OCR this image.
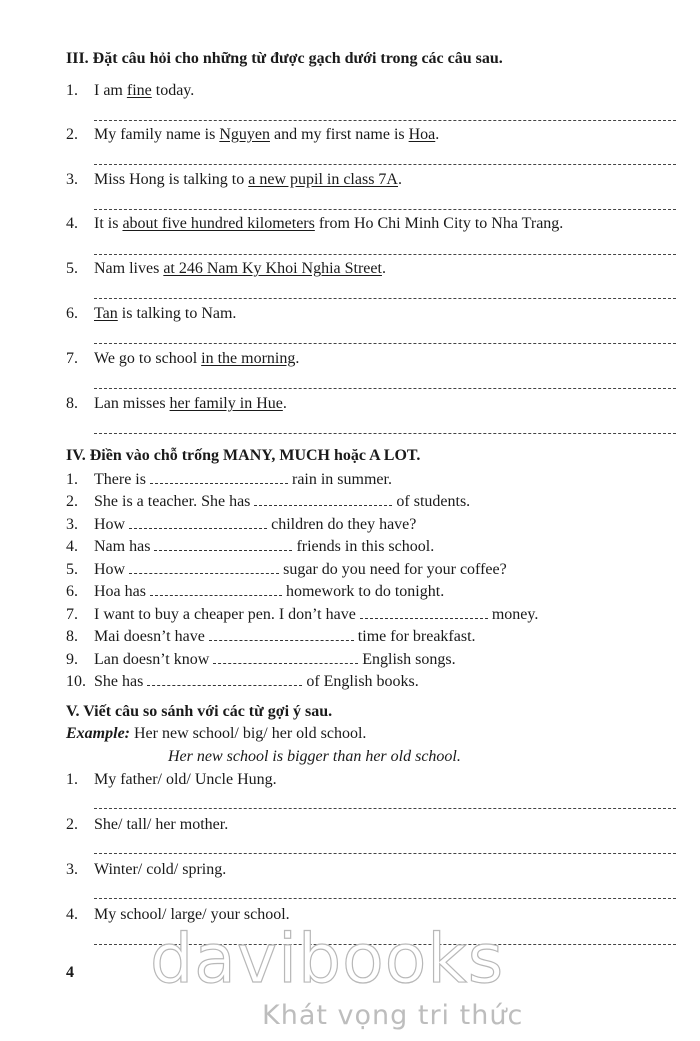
III. Đặt câu hỏi cho những từ được gạch dưới trong các câu sau.
1. I am fine today.
2. My family name is Nguyen and my first name is Hoa.
3. Miss Hong is talking to a new pupil in class 7A.
4. It is about five hundred kilometers from Ho Chi Minh City to Nha Trang.
5. Nam lives at 246 Nam Ky Khoi Nghia Street.
6. Tan is talking to Nam.
7. We go to school in the morning.
8. Lan misses her family in Hue.
IV. Điền vào chỗ trống MANY, MUCH hoặc A LOT.
1. There is	rain in summer.
2. She is a teacher. She has	of students.
3. How	children do they have?
4. Nam has	friends in this school.
5. How	sugar do you need for your coffee?
6. Hoa has	homework to do tonight.
7. I want to buy a cheaper pen. I don’t have	money.
8. Mai doesn’t have	time for breakfast.
9. Lan doesn’t know	English songs.
10. She has	of English books.
V. Viết câu so sánh với các từ gợi ý sau.
Example: Her new school/ big/ her old school.
Her new school is bigger than her old school.
1. My father/ old/ Uncle Hung.
2. She/ tall/ her mother.
3. Winter/ cold/ spring.
4. My school/ large/ your school.
4 davibooks
Khát vọng tri thức
